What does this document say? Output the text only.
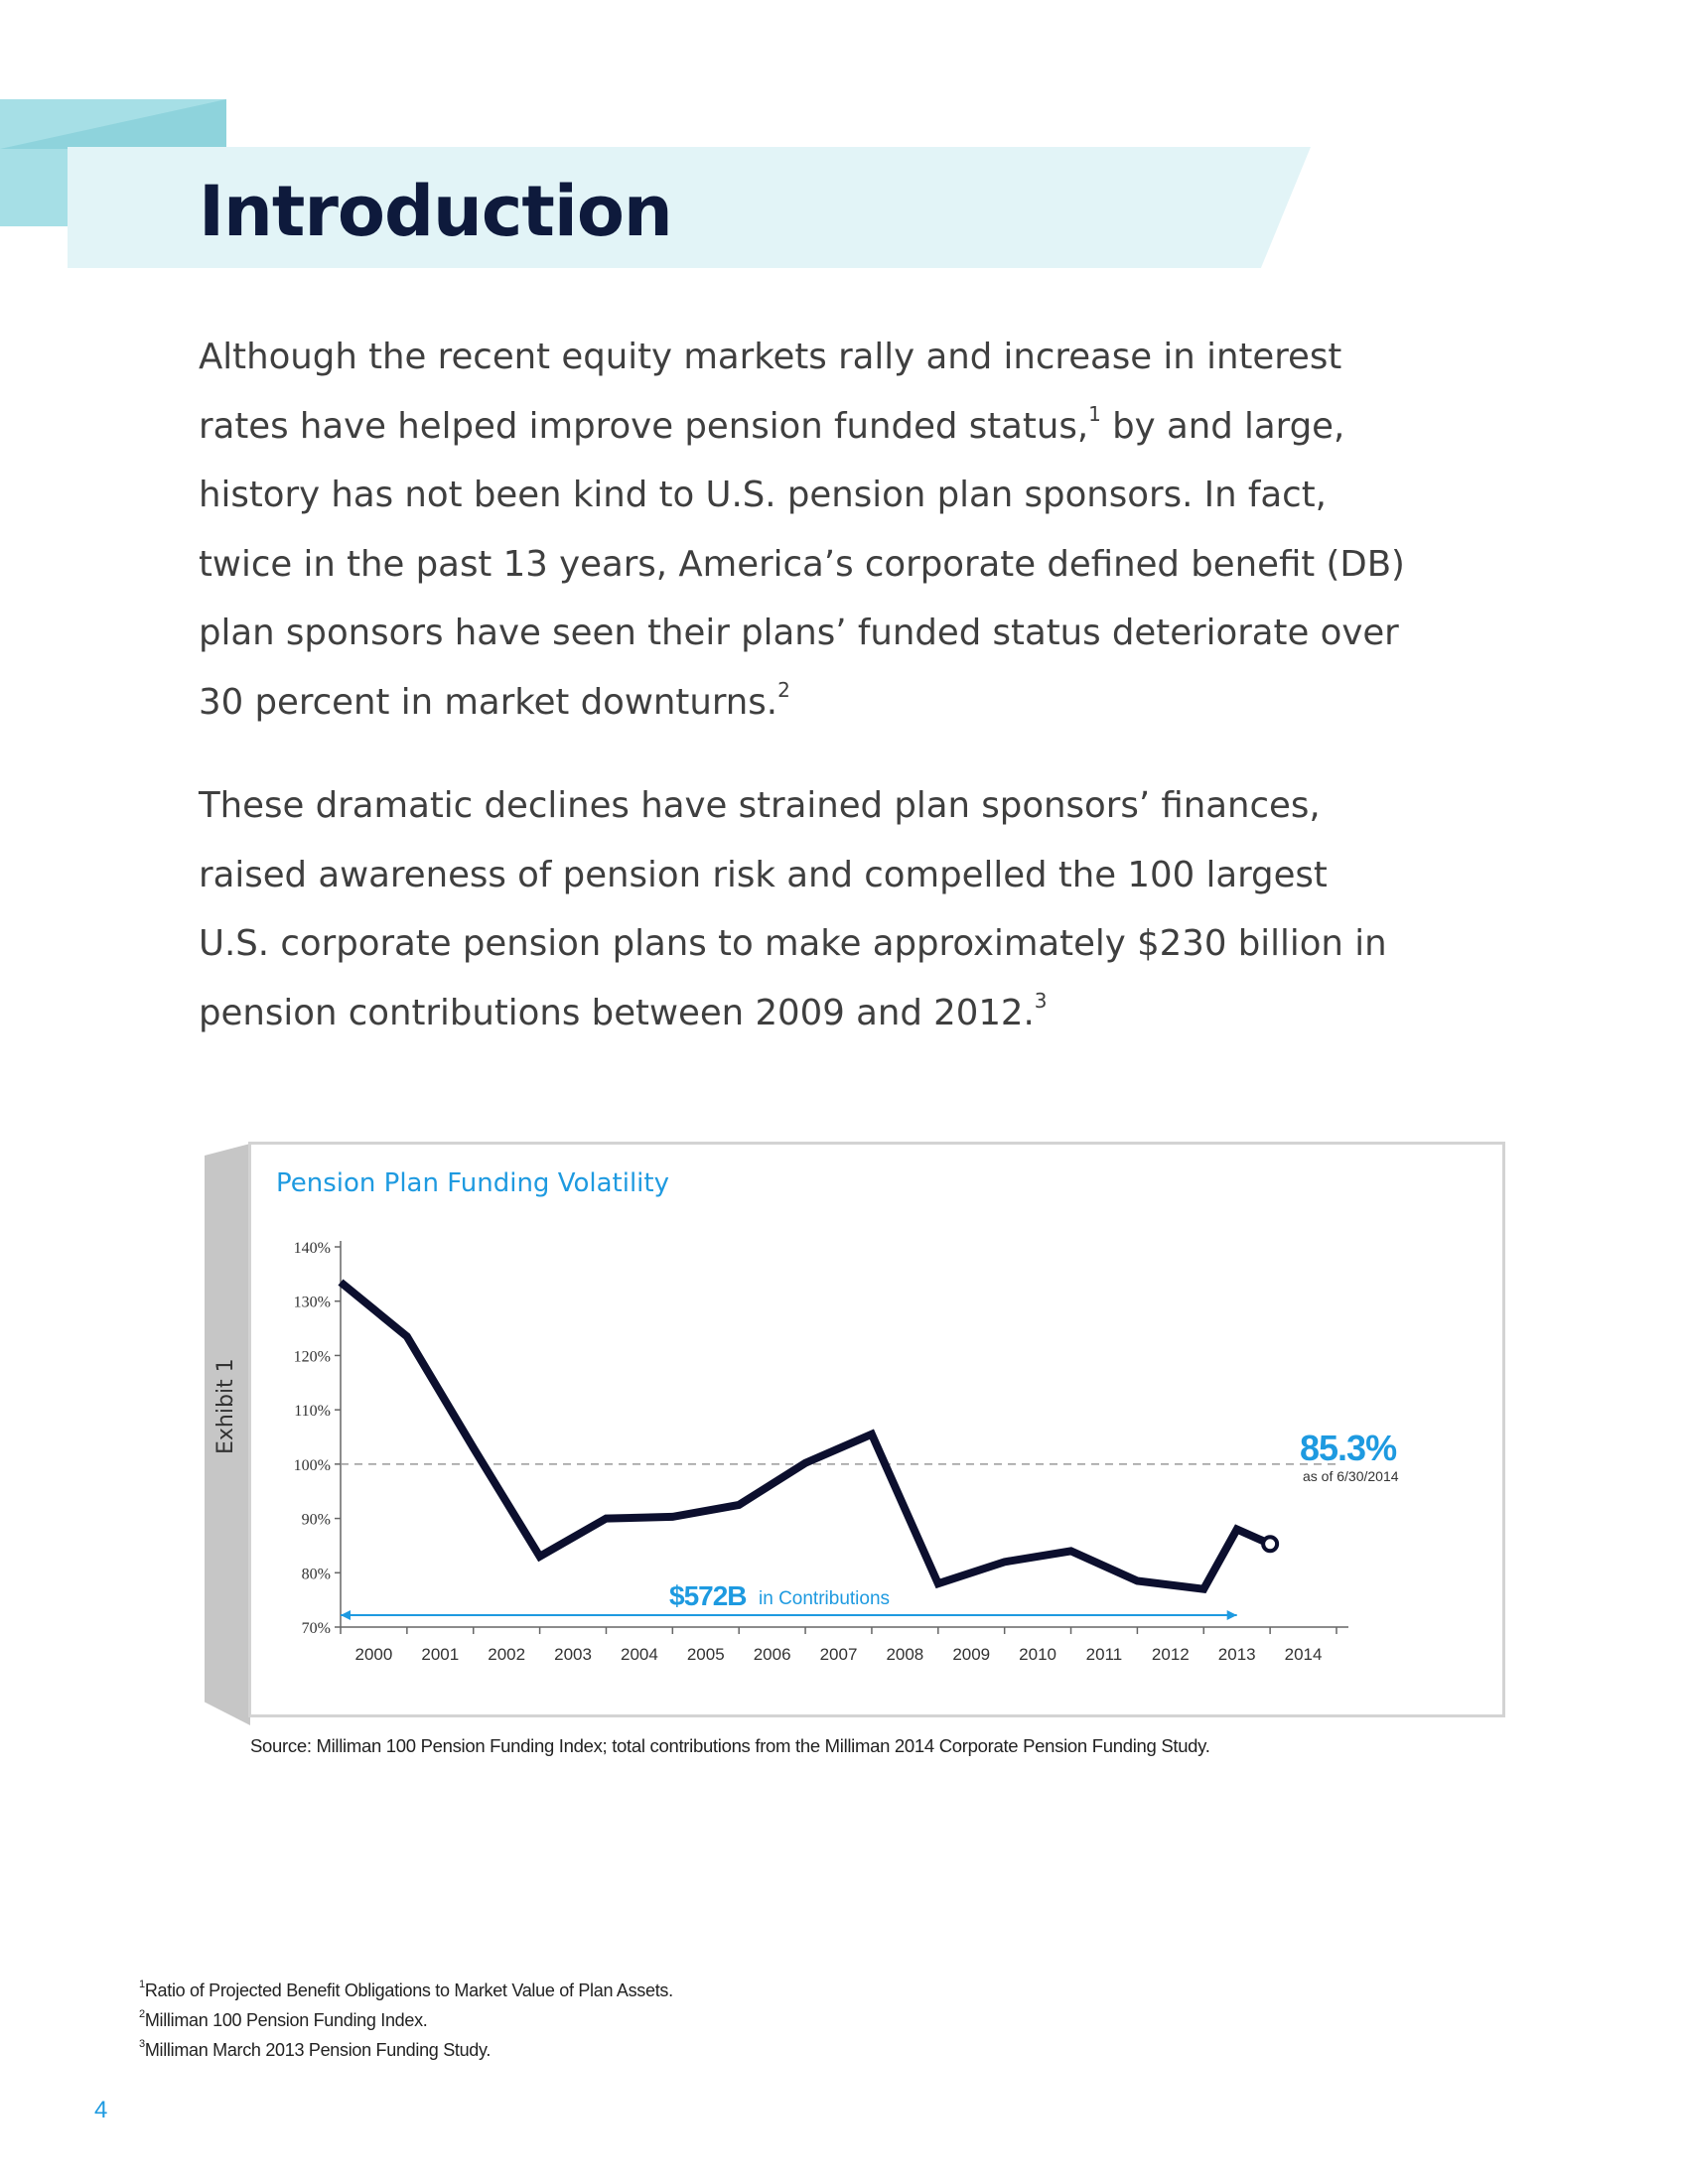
Introduction

Although the recent equity markets rally and increase in interest
rates have helped improve pension funded status,$^1$ by and large,
history has not been kind to U.S. pension plan sponsors. In fact,
twice in the past 13 years, America’s corporate defined benefit (DB)
plan sponsors have seen their plans’ funded status deteriorate over
30 percent in market downturns.$^2$

These dramatic declines have strained plan sponsors’ finances,
raised awareness of pension risk and compelled the 100 largest
U.S. corporate pension plans to make approximately $230 billion in
pension contributions between 2009 and 2012.$^3$

Pension Plan Funding Volatility

70%
80%
90%
100%
110%
120%
130%
140%
2000 2001 2002 2003 2004 2005 2006 2007 2008 2009 2010 2011 2012 2013 2014
$572B in Contributions
85.3%
as of 6/30/2014

Source: Milliman 100 Pension Funding Index; total contributions from the Milliman 2014 Corporate Pension Funding Study.

$^1$Ratio of Projected Benefit Obligations to Market Value of Plan Assets.
$^2$Milliman 100 Pension Funding Index.
$^3$Milliman March 2013 Pension Funding Study.
4
